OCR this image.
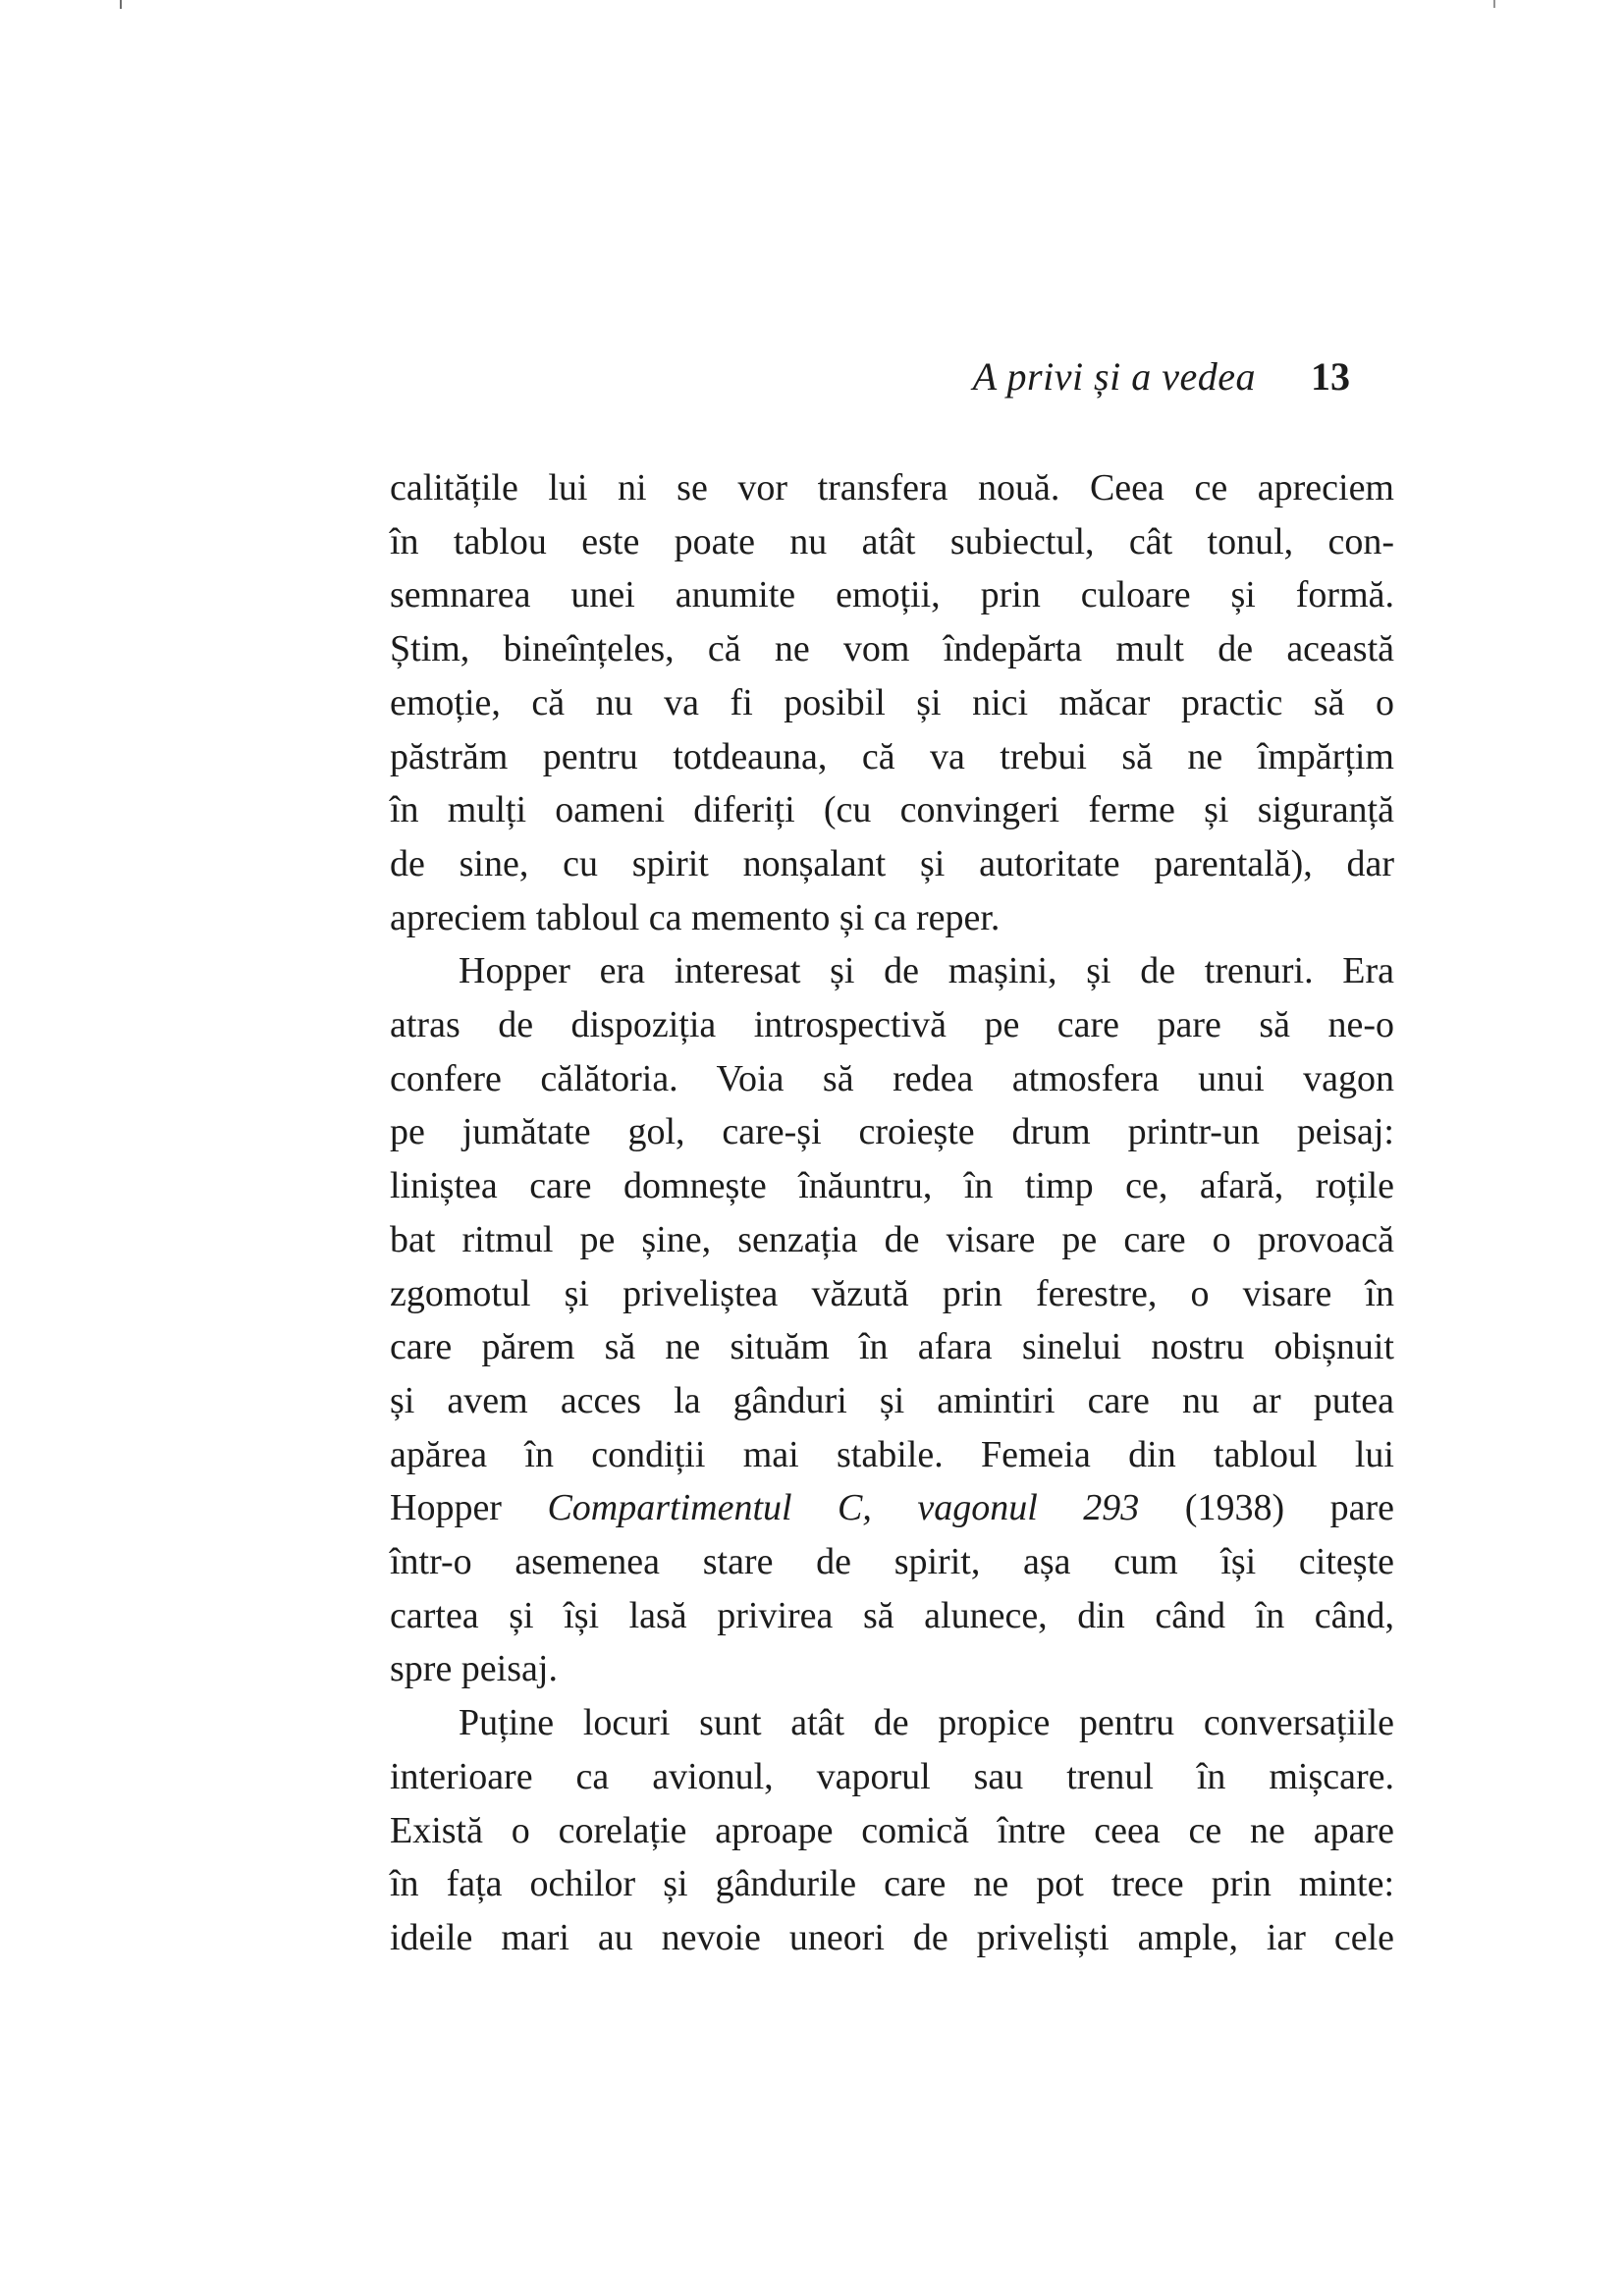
A privi și a vedea 13
calitățile lui ni se vor transfera nouă. Ceea ce apreciem
în tablou este poate nu atât subiectul, cât tonul, con-
semnarea unei anumite emoții, prin culoare și formă.
Știm, bineînțeles, că ne vom îndepărta mult de această
emoție, că nu va fi posibil și nici măcar practic să o
păstrăm pentru totdeauna, că va trebui să ne împărțim
în mulți oameni diferiți (cu convingeri ferme și siguranță
de sine, cu spirit nonșalant și autoritate parentală), dar
apreciem tabloul ca memento și ca reper.
Hopper era interesat și de mașini, și de trenuri. Era
atras de dispoziția introspectivă pe care pare să ne-o
confere călătoria. Voia să redea atmosfera unui vagon
pe jumătate gol, care-și croiește drum printr-un peisaj:
liniștea care domnește înăuntru, în timp ce, afară, roțile
bat ritmul pe șine, senzația de visare pe care o provoacă
zgomotul și priveliștea văzută prin ferestre, o visare în
care părem să ne situăm în afara sinelui nostru obișnuit
și avem acces la gânduri și amintiri care nu ar putea
apărea în condiții mai stabile. Femeia din tabloul lui
Hopper Compartimentul C, vagonul 293 (1938) pare
într-o asemenea stare de spirit, așa cum își citește
cartea și își lasă privirea să alunece, din când în când,
spre peisaj.
Puține locuri sunt atât de propice pentru conversațiile
interioare ca avionul, vaporul sau trenul în mișcare.
Există o corelație aproape comică între ceea ce ne apare
în fața ochilor și gândurile care ne pot trece prin minte:
ideile mari au nevoie uneori de priveliști ample, iar cele
